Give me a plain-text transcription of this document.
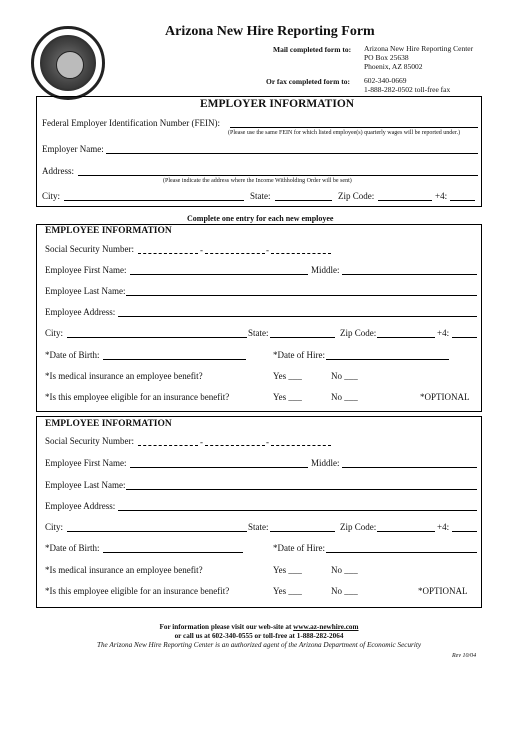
Arizona New Hire Reporting Form
Mail completed form to: Arizona New Hire Reporting Center
PO Box 25638
Phoenix, AZ 85002
Or fax completed form to: 602-340-0669
1-888-282-0502 toll-free fax
EMPLOYER INFORMATION
Federal Employer Identification Number (FEIN):
(Please use the same FEIN for which listed employee(s) quarterly wages will be reported under.)
Employer Name:
Address:
(Please indicate the address where the Income Withholding Order will be sent)
City:	State:	Zip Code:	+4:
Complete one entry for each new employee
EMPLOYEE INFORMATION
Social Security Number:	-	-
Employee First Name:	Middle:
Employee Last Name:
Employee Address:
City:	State:	Zip Code:	+4:
*Date of Birth:	*Date of Hire:
*Is medical insurance an employee benefit?	Yes ___	No ___
*Is this employee eligible for an insurance benefit?	Yes ___	No ___	*OPTIONAL
EMPLOYEE INFORMATION
Social Security Number:	-	-
Employee First Name:	Middle:
Employee Last Name:
Employee Address:
City:	State:	Zip Code:	+4:
*Date of Birth:	*Date of Hire:
*Is medical insurance an employee benefit?	Yes ___	No ___
*Is this employee eligible for an insurance benefit?	Yes ___	No ___	*OPTIONAL
For information please visit our web-site at www.az-newhire.com
or call us at 602-340-0555 or toll-free at 1-888-282-2064
The Arizona New Hire Reporting Center is an authorized agent of the Arizona Department of Economic Security
Rev 10/04
